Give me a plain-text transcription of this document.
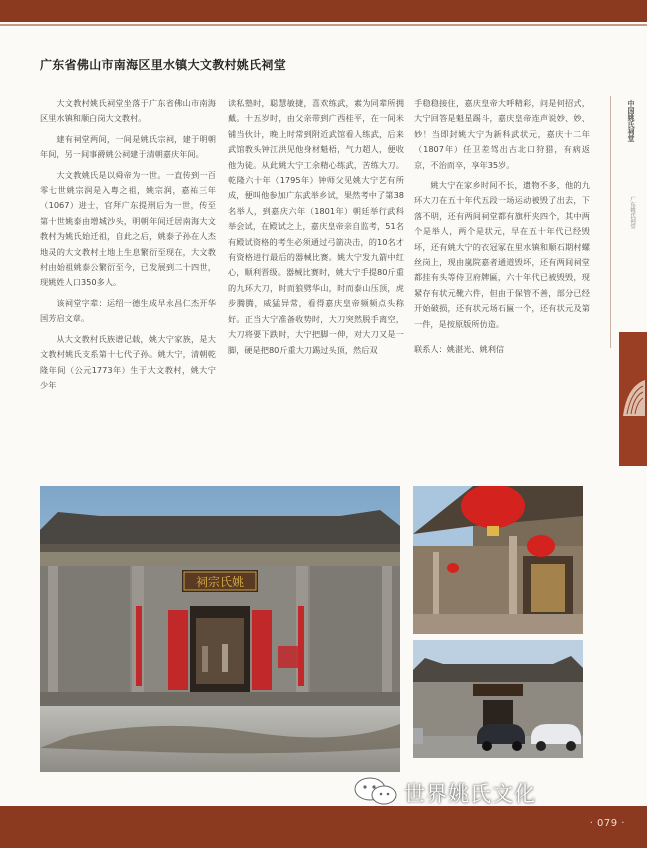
广东省佛山市南海区里水镇大文教村姚氏祠堂

大文教村姚氏祠堂坐落于广东省佛山市南海区里水镇和顺白岗大文教村。

建有祠堂两间，一间是姚氏宗祠，建于明朝年间，另一间事爵姚公祠建于清朝嘉庆年间。

大文教姚氏是以舜帝为一世。一直传到一百零七世姚宗润是入粤之祖，姚宗润，嘉祐三年（1067）进士，官拜广东提刑后为一世，传至第十世姚泰由增城沙头，明朝年间迁居南海大文教村为姚氏始迁祖，自此之后，姚泰子孙在人杰地灵的大文教村土地上生息繁衍至现在，大文教村由始祖姚泰公繁衍至今，已发展到二十四世，现姚姓人口350多人。

该祠堂字辈：运绍一德生成早永昌仁杰开华国芳启文章。

从大文教村氏族谱记载，姚大宁家族，是大文教村姚氏支系第十七代子孙。姚大宁，清朝乾隆年间（公元1773年）生于大文教村，姚大宁少年

读私塾时，聪慧敏捷，喜欢练武，素为同辈所拥戴。十五岁时，由父亲带到广西桂平，在一间米铺当伙计，晚上时常到附近武馆看人练武，后来武馆教头钟江洪见他身材魁梧，气力超人，便收他为徒。从此姚大宁工余精心练武，苦练大刀。乾隆六十年（1795年）钟师父见姚大宁艺有所成，便叫他参加广东武举乡试，果然考中了第38名举人，到嘉庆六年（1801年）朝廷举行武科举会试，在殿试之上，嘉庆皇帝亲自监考，51名有殿试资格的考生必须通过弓箭决击，的10名才有资格进行最后的器械比赛。姚大宁发九箭中红心，顺利晋级。器械比赛时，姚大宁手提80斤重的九环大刀，时而狼劈华山，时而泰山压顶，虎步腾腾，威猛异常，看得嘉庆皇帝频频点头称好。正当大宁准备收势时，大刀突然脱手离空，大刀将要下跌时，大宁把脚一伸，对大刀又是一脚，硬是把80斤重大刀踢过头顶，然后双

手稳稳接住，嘉庆皇帝大呼精彩，问是何招式，大宁回答是魁星踢斗，嘉庆皇帝连声说妙、妙、妙！当即封姚大宁为新科武状元，嘉庆十二年（1807年）任卫差驾出古北口狩猎，有病返京，不治而卒，享年35岁。

姚大宁在家乡时间不长，遗物不多，他的九环大刀在五十年代五段一场运动被毁了出去，下落不明，还有两间祠堂都有旗杆夹四个，其中两个是举人，两个是状元，早在五十年代已经毁坏，还有姚大宁的衣冠冢在里水镇和顺石期村螺丝岗上，现由嵐院嘉者通道毁坏，还有两间祠堂都挂有头等侍卫府牌匾，六十年代已被毁毁，现紧存有状元靴六件，但由于保管不善，部分已经开始破损，还有状元场石匾一个，还有状元及第一件，是按原版所仿造。

联系人：姚湛光、姚利信

中国姚氏祠堂
广东姚氏祠堂
祠宗氏姚
世界姚氏文化
· 079 ·
